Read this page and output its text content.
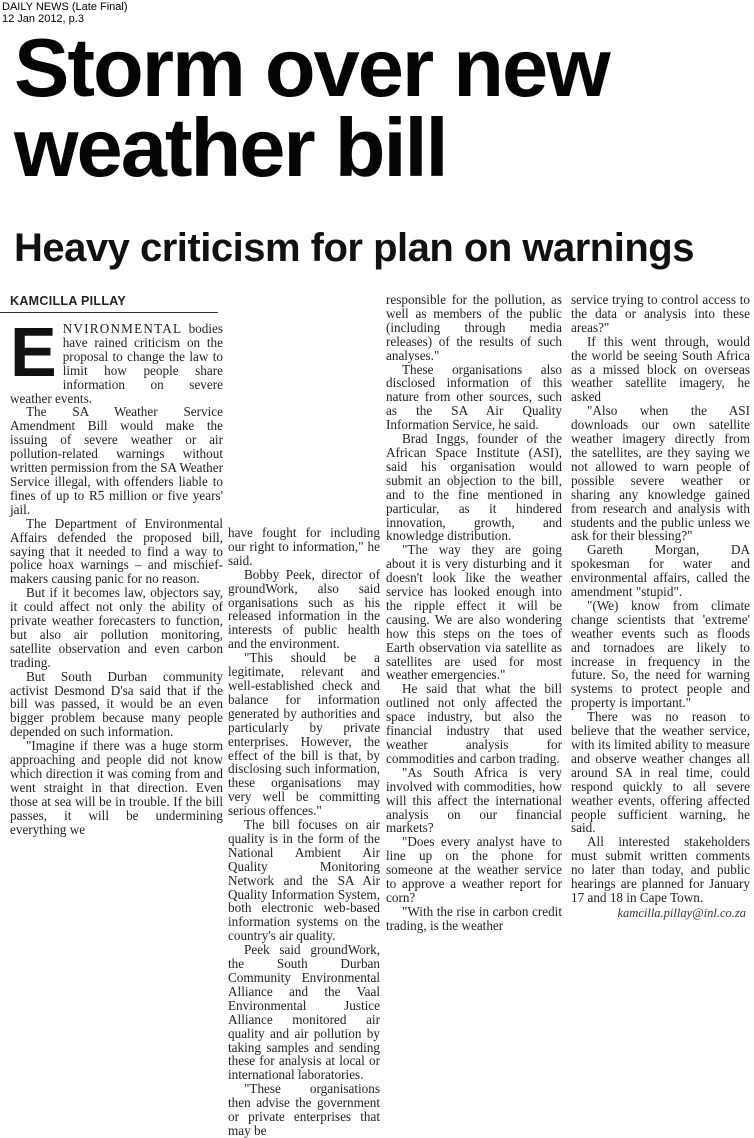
DAILY NEWS (Late Final)
12 Jan 2012, p.3
Storm over new weather bill
Heavy criticism for plan on warnings
KAMCILLA PILLAY

ENVIRONMENTAL bodies have rained criticism on the proposal to change the law to limit how people share information on severe weather events.

The SA Weather Service Amendment Bill would make the issuing of severe weather or air pollution-related warnings without written permission from the SA Weather Service illegal, with offenders liable to fines of up to R5 million or five years' jail.

The Department of Environmental Affairs defended the proposed bill, saying that it needed to find a way to police hoax warnings – and mischief-makers causing panic for no reason.

But if it becomes law, objectors say, it could affect not only the ability of private weather forecasters to function, but also air pollution monitoring, satellite observation and even carbon trading.

But South Durban community activist Desmond D'sa said that if the bill was passed, it would be an even bigger problem because many people depended on such information.

"Imagine if there was a huge storm approaching and people did not know which direction it was coming from and went straight in that direction. Even those at sea will be in trouble. If the bill passes, it will be undermining everything we

have fought for including our right to information," he said.

Bobby Peek, director of groundWork, also said organisations such as his released information in the interests of public health and the environment.

"This should be a legitimate, relevant and well-established check and balance for information generated by authorities and particularly by private enterprises. However, the effect of the bill is that, by disclosing such information, these organisations may very well be committing serious offences."

The bill focuses on air quality is in the form of the National Ambient Air Quality Monitoring Network and the SA Air Quality Information System, both electronic web-based information systems on the country's air quality.

Peek said groundWork, the South Durban Community Environmental Alliance and the Vaal Environmental Justice Alliance monitored air quality and air pollution by taking samples and sending these for analysis at local or international laboratories.

"These organisations then advise the government or private enterprises that may be

responsible for the pollution, as well as members of the public (including through media releases) of the results of such analyses."

These organisations also disclosed information of this nature from other sources, such as the SA Air Quality Information Service, he said.

Brad Inggs, founder of the African Space Institute (ASI), said his organisation would submit an objection to the bill, and to the fine mentioned in particular, as it hindered innovation, growth, and knowledge distribution.

"The way they are going about it is very disturbing and it doesn't look like the weather service has looked enough into the ripple effect it will be causing. We are also wondering how this steps on the toes of Earth observation via satellite as satellites are used for most weather emergencies."

He said that what the bill outlined not only affected the space industry, but also the financial industry that used weather analysis for commodities and carbon trading.

"As South Africa is very involved with commodities, how will this affect the international analysis on our financial markets?

"Does every analyst have to line up on the phone for someone at the weather service to approve a weather report for corn?

"With the rise in carbon credit trading, is the weather

service trying to control access to the data or analysis into these areas?"

If this went through, would the world be seeing South Africa as a missed block on overseas weather satellite imagery, he asked

"Also when the ASI downloads our own satellite weather imagery directly from the satellites, are they saying we not allowed to warn people of possible severe weather or sharing any knowledge gained from research and analysis with students and the public unless we ask for their blessing?"

Gareth Morgan, DA spokesman for water and environmental affairs, called the amendment "stupid".

"(We) know from climate change scientists that 'extreme' weather events such as floods and tornadoes are likely to increase in frequency in the future. So, the need for warning systems to protect people and property is important."

There was no reason to believe that the weather service, with its limited ability to measure and observe weather changes all around SA in real time, could respond quickly to all severe weather events, offering affected people sufficient warning, he said.

All interested stakeholders must submit written comments no later than today, and public hearings are planned for January 17 and 18 in Cape Town.

kamcilla.pillay@inl.co.za
